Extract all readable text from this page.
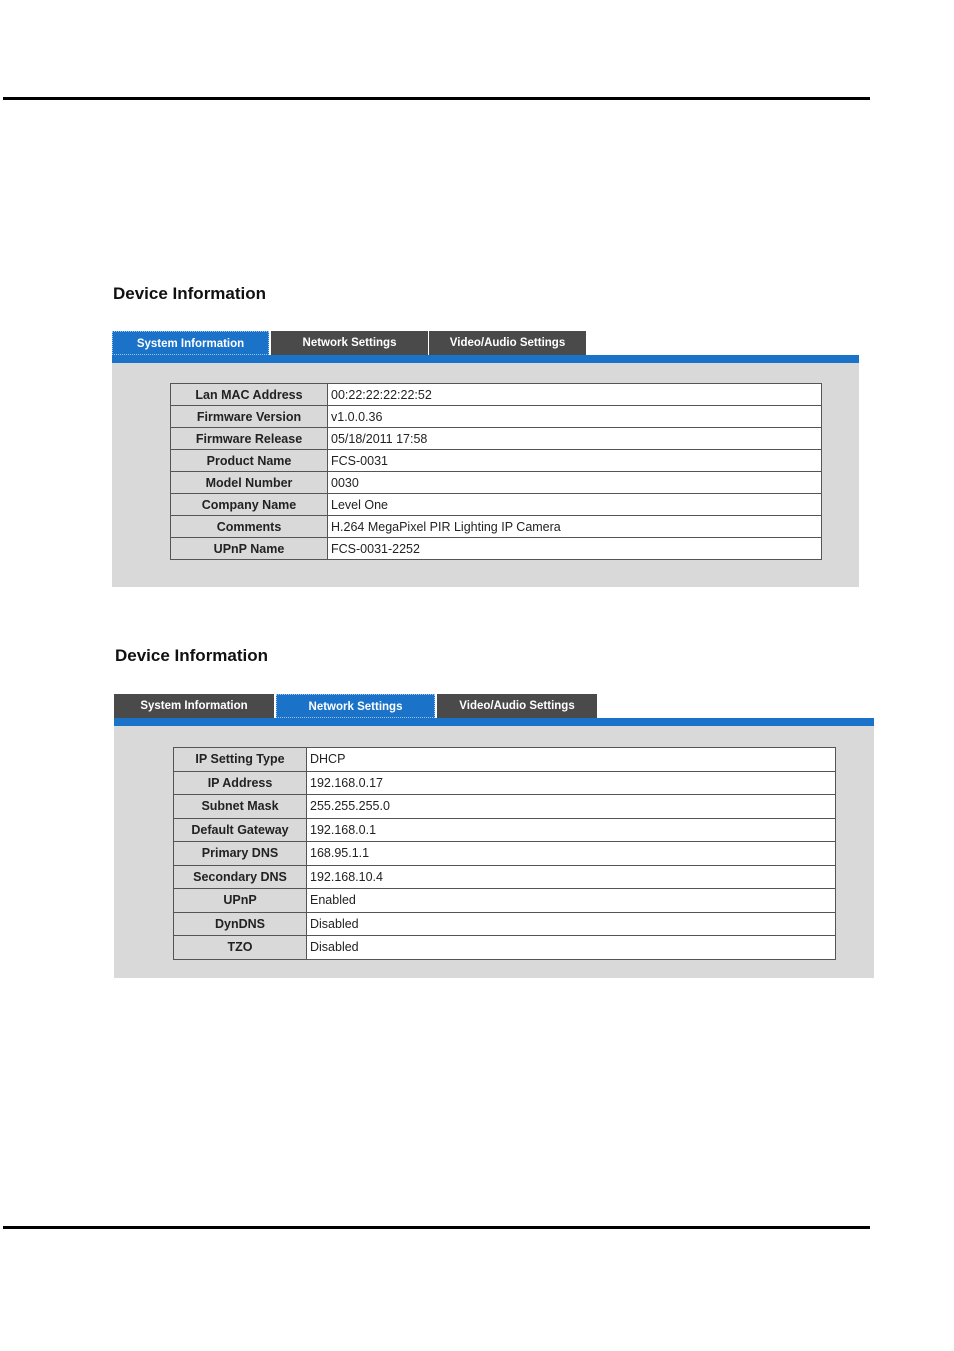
Device Information
System Information	Network Settings	Video/Audio Settings
Lan MAC Address	00:22:22:22:22:52
Firmware Version	v1.0.0.36
Firmware Release	05/18/2011 17:58
Product Name	FCS-0031
Model Number	0030
Company Name	Level One
Comments	H.264 MegaPixel PIR Lighting IP Camera
UPnP Name	FCS-0031-2252
Device Information
System Information	Network Settings	Video/Audio Settings
IP Setting Type	DHCP
IP Address	192.168.0.17
Subnet Mask	255.255.255.0
Default Gateway	192.168.0.1
Primary DNS	168.95.1.1
Secondary DNS	192.168.10.4
UPnP	Enabled
DynDNS	Disabled
TZO	Disabled
